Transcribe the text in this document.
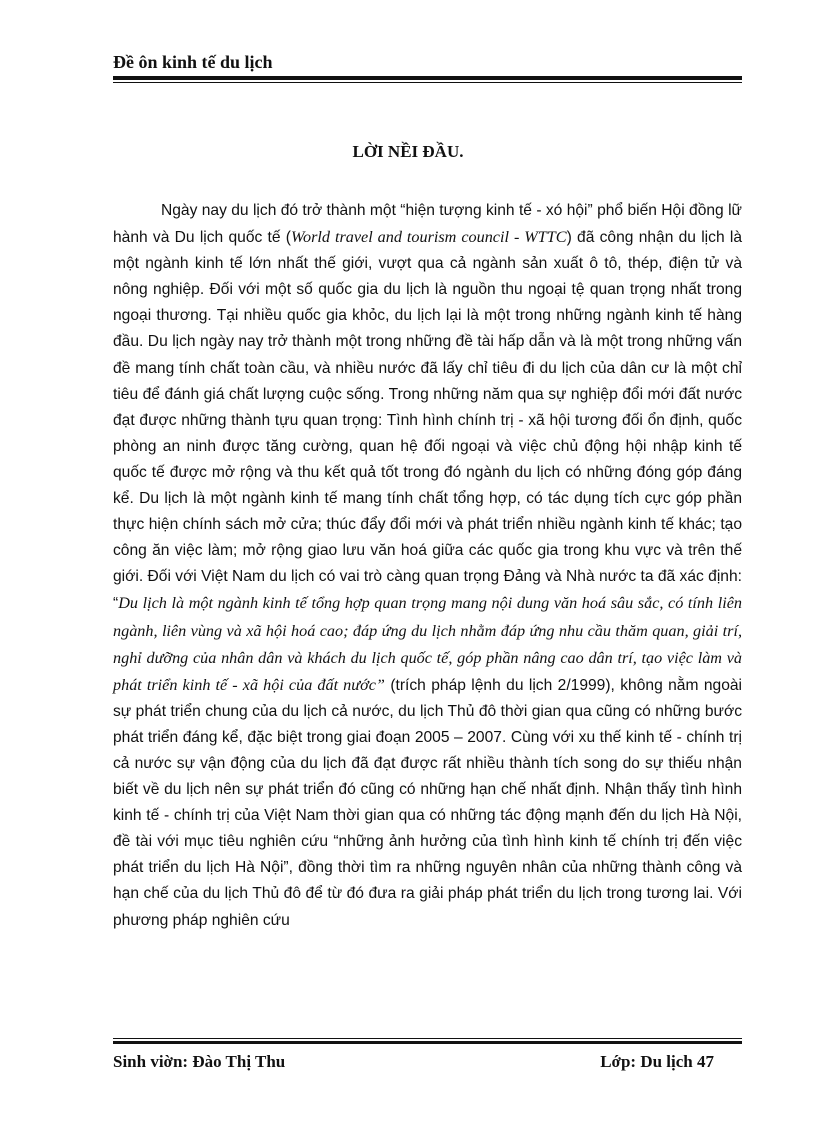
Đề ôn kinh tế du lịch

LỜI NỀI ĐẦU.

Ngày nay du lịch đó trở thành một “hiện tượng kinh tế - xó hội” phổ biến Hội đồng lữ hành và Du lịch quốc tế (World travel and tourism council - WTTC) đã công nhận du lịch là một ngành kinh tế lớn nhất thế giới, vượt qua cả ngành sản xuất ô tô, thép, điện tử và nông nghiệp. Đối với một số quốc gia du lịch là nguồn thu ngoại tệ quan trọng nhất trong ngoại thương. Tại nhiều quốc gia khỏc, du lịch lại là một trong những ngành kinh tế hàng đầu. Du lịch ngày nay trở thành một trong những đề tài hấp dẫn và là một trong những vấn đề mang tính chất toàn cầu, và nhiều nước đã lấy chỉ tiêu đi du lịch của dân cư là một chỉ tiêu để đánh giá chất lượng cuộc sống. Trong những năm qua sự nghiệp đổi mới đất nước đạt được những thành tựu quan trọng: Tình hình chính trị - xã hội tương đối ổn định, quốc phòng an ninh được tăng cường, quan hệ đối ngoại và việc chủ động hội nhập kinh tế quốc tế được mở rộng và thu kết quả tốt trong đó ngành du lịch có những đóng góp đáng kể. Du lịch là một ngành kinh tế mang tính chất tổng hợp, có tác dụng tích cực góp phần thực hiện chính sách mở cửa; thúc đẩy đổi mới và phát triển nhiều ngành kinh tế khác; tạo công ăn việc làm; mở rộng giao lưu văn hoá giữa các quốc gia trong khu vực và trên thế giới. Đối với Việt Nam du lịch có vai trò càng quan trọng Đảng và Nhà nước ta đã xác định: “Du lịch là một ngành kinh tế tổng hợp quan trọng mang nội dung văn hoá sâu sắc, có tính liên ngành, liên vùng và xã hội hoá cao; đáp ứng du lịch nhằm đáp ứng nhu cầu thăm quan, giải trí, nghỉ dưỡng của nhân dân và khách du lịch quốc tế, góp phần nâng cao dân trí, tạo việc làm và phát triển kinh tế - xã hội của đất nước” (trích pháp lệnh du lịch 2/1999), không nằm ngoài sự phát triển chung của du lịch cả nước, du lịch Thủ đô thời gian qua cũng có những bước phát triển đáng kể, đặc biệt trong giai đoạn 2005 – 2007. Cùng với xu thế kinh tế - chính trị cả nước sự vận động của du lịch đã đạt được rất nhiều thành tích song do sự thiếu nhận biết về du lịch nên sự phát triển đó cũng có những hạn chế nhất định. Nhận thấy tình hình kinh tế - chính trị của Việt Nam thời gian qua có những tác động mạnh đến du lịch Hà Nội, đề tài với mục tiêu nghiên cứu “những ảnh hưởng của tình hình kinh tế chính trị đến việc phát triển du lịch Hà Nội”, đồng thời tìm ra những nguyên nhân của những thành công và hạn chế của du lịch Thủ đô để từ đó đưa ra giải pháp phát triển du lịch trong tương lai. Với phương pháp nghiên cứu

Sinh viờn: Đào Thị Thu	Lớp: Du lịch 47
